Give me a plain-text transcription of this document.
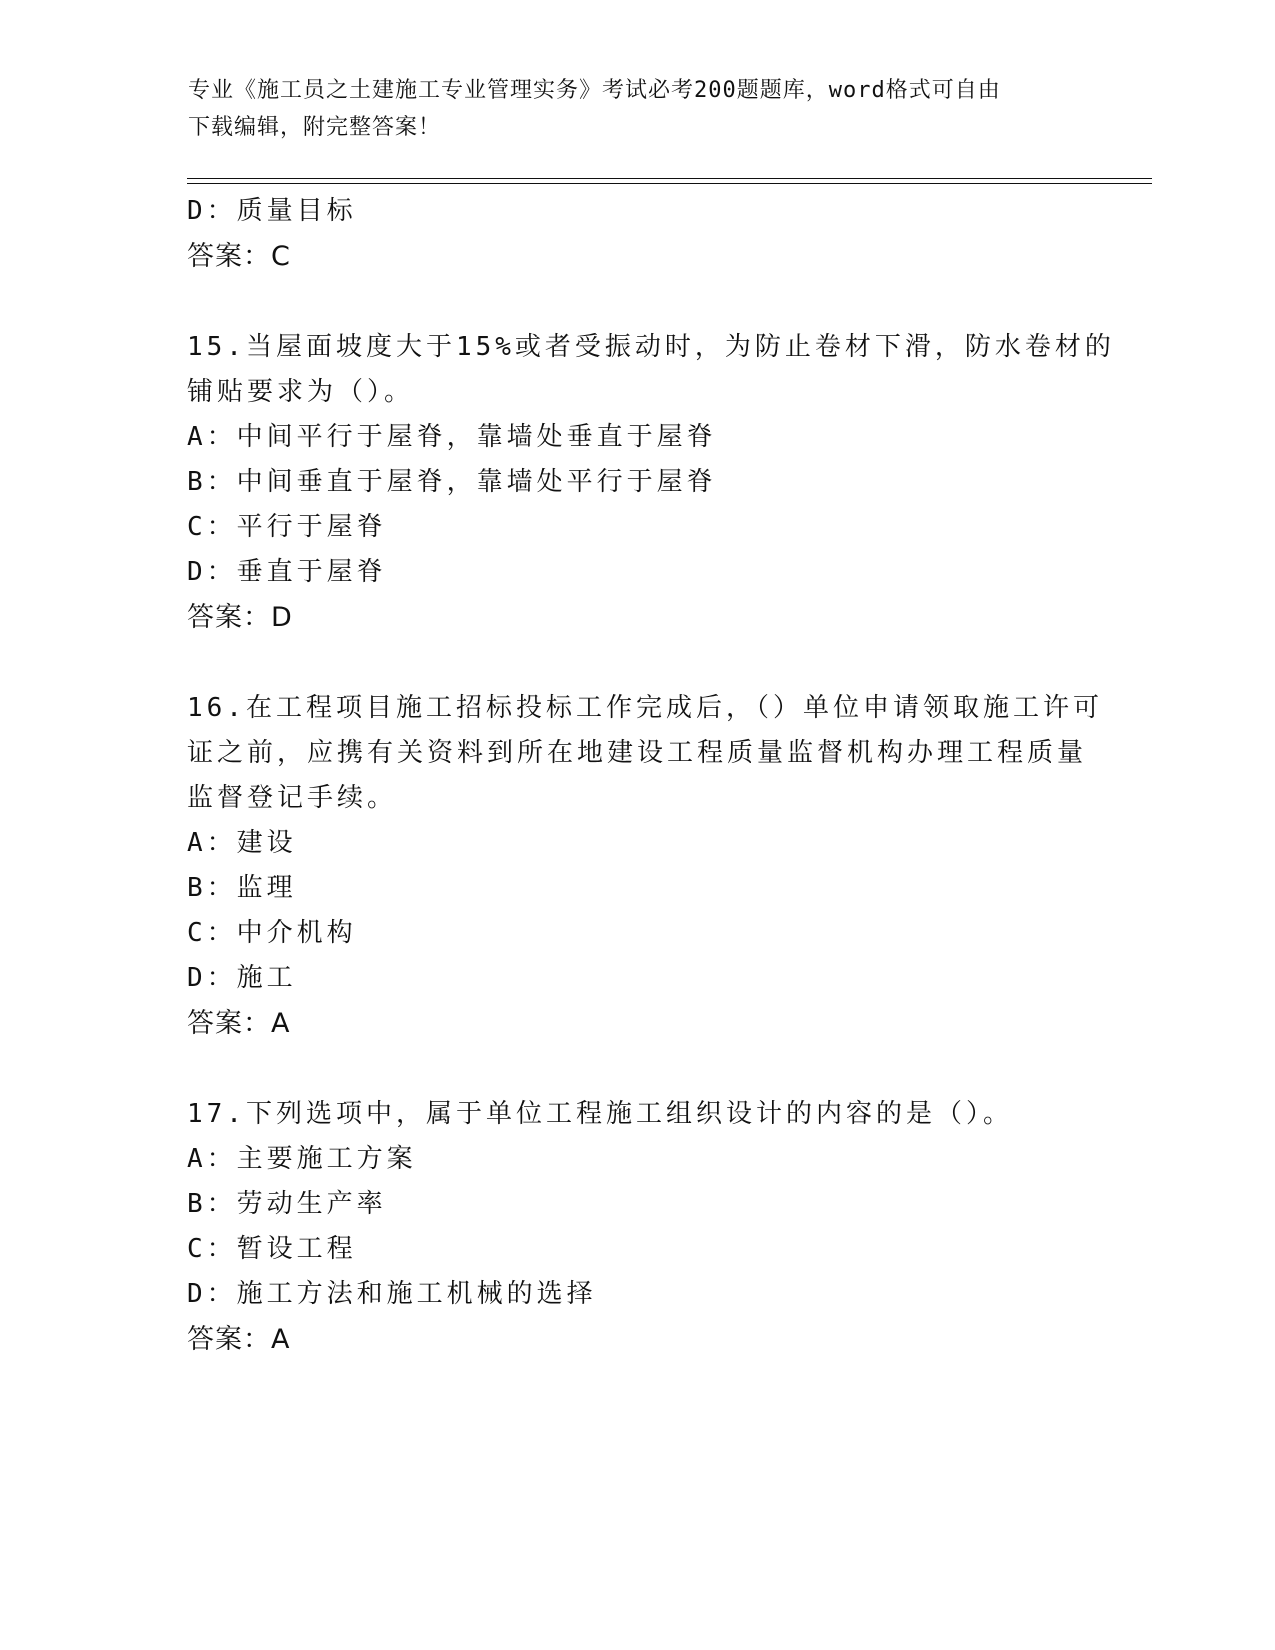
专业《施工员之土建施工专业管理实务》考试必考200题题库，word格式可自由
下载编辑，附完整答案！
D：质量目标
答案：C
15.当屋面坡度大于15%或者受振动时，为防止卷材下滑，防水卷材的
铺贴要求为（）。
A：中间平行于屋脊，靠墙处垂直于屋脊
B：中间垂直于屋脊，靠墙处平行于屋脊
C：平行于屋脊
D：垂直于屋脊
答案：D
16.在工程项目施工招标投标工作完成后，（）单位申请领取施工许可
证之前，应携有关资料到所在地建设工程质量监督机构办理工程质量
监督登记手续。
A：建设
B：监理
C：中介机构
D：施工
答案：A
17.下列选项中，属于单位工程施工组织设计的内容的是（）。
A：主要施工方案
B：劳动生产率
C：暂设工程
D：施工方法和施工机械的选择
答案：A
